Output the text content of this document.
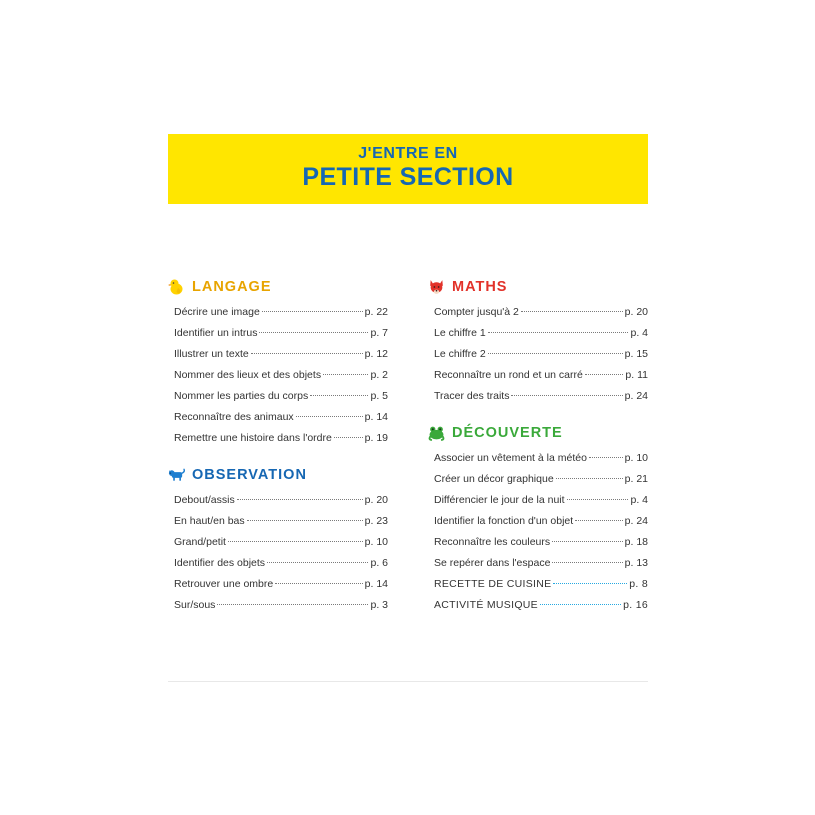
J'ENTRE EN
PETITE SECTION
LANGAGE
Décrire une image	p. 22
Identifier un intrus	p. 7
Illustrer un texte	p. 12
Nommer des lieux et des objets	p. 2
Nommer les parties du corps	p. 5
Reconnaître des animaux	p. 14
Remettre une histoire dans l'ordre	p. 19
OBSERVATION
Debout/assis	p. 20
En haut/en bas	p. 23
Grand/petit	p. 10
Identifier des objets	p. 6
Retrouver une ombre	p. 14
Sur/sous	p. 3
MATHS
Compter jusqu'à 2	p. 20
Le chiffre 1	p. 4
Le chiffre 2	p. 15
Reconnaître un rond et un carré	p. 11
Tracer des traits	p. 24
DÉCOUVERTE
Associer un vêtement à la météo	p. 10
Créer un décor graphique	p. 21
Différencier le jour de la nuit	p. 4
Identifier la fonction d'un objet	p. 24
Reconnaître les couleurs	p. 18
Se repérer dans l'espace	p. 13
RECETTE DE CUISINE	p. 8
ACTIVITÉ MUSIQUE	p. 16
